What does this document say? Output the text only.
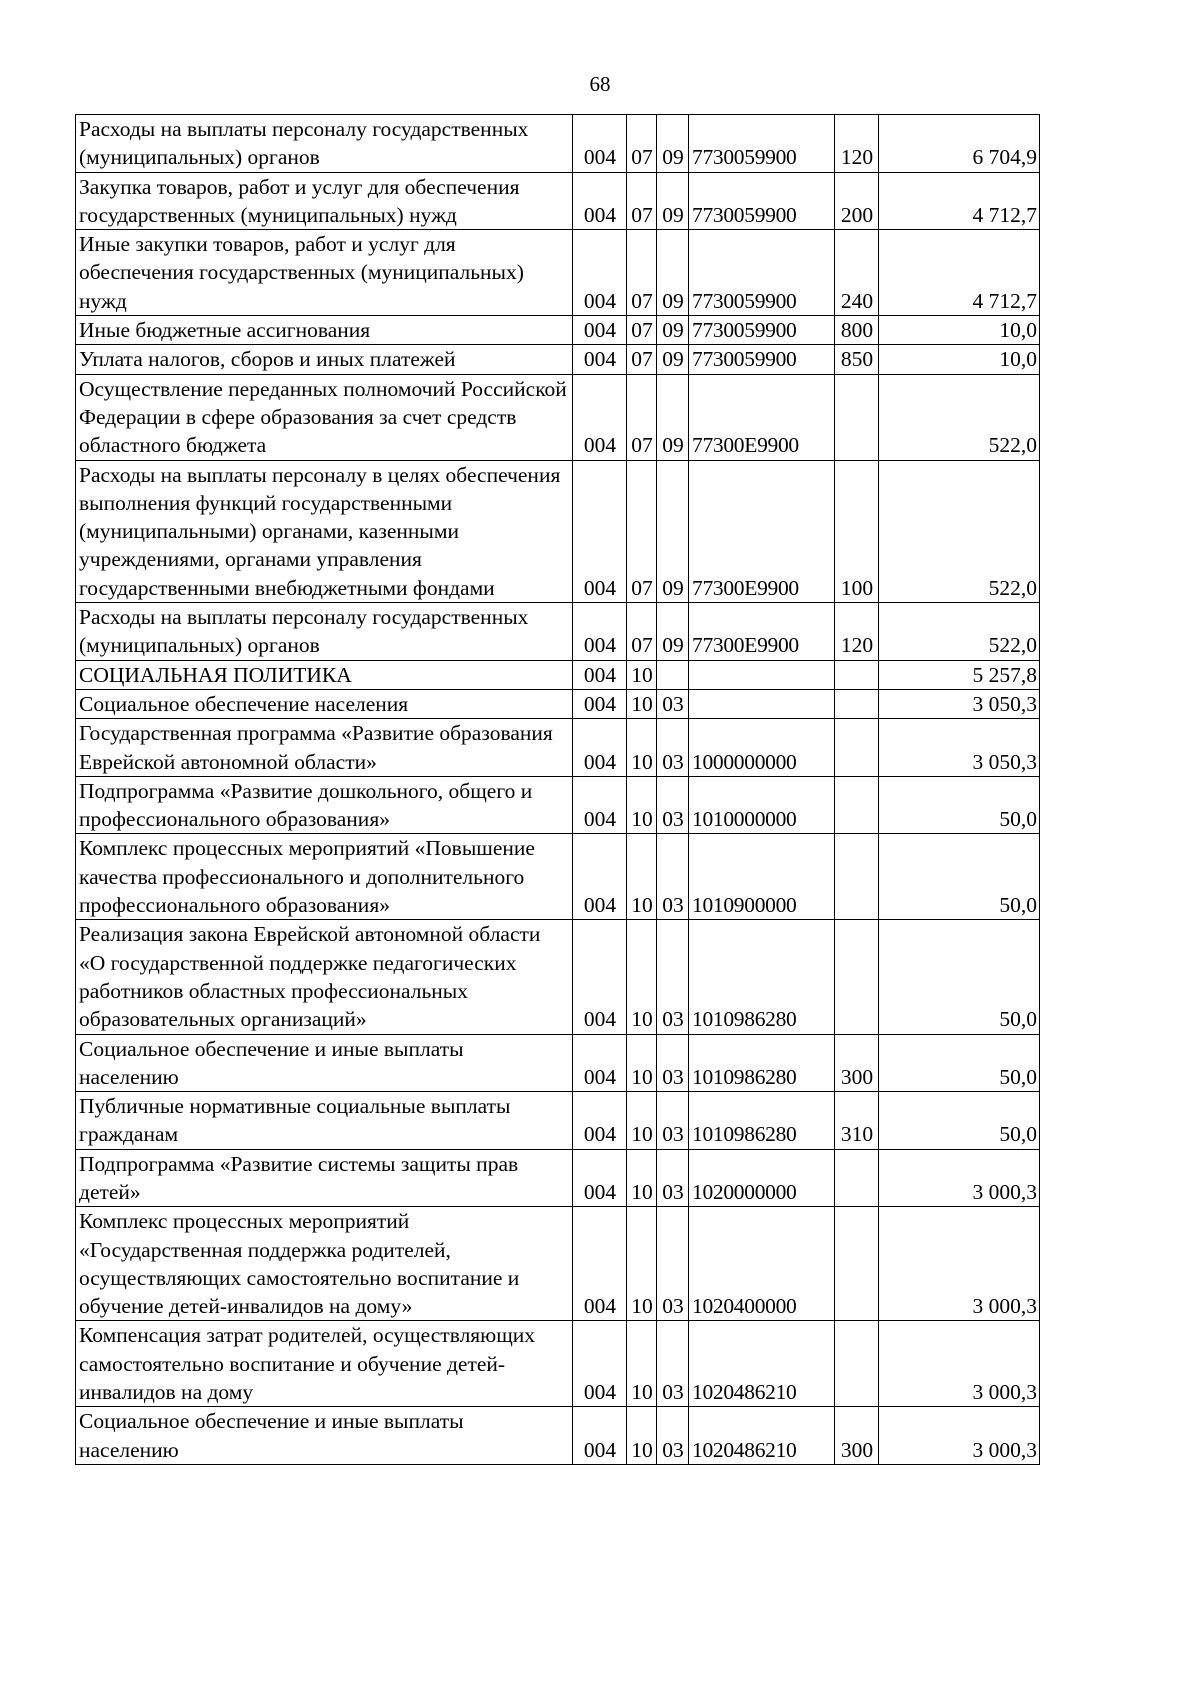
68
Расходы на выплаты персоналу государственных (муниципальных) органов	004	07	09	7730059900	120	6 704,9
Закупка товаров, работ и услуг для обеспечения государственных (муниципальных) нужд	004	07	09	7730059900	200	4 712,7
Иные закупки товаров, работ и услуг для обеспечения государственных (муниципальных) нужд	004	07	09	7730059900	240	4 712,7
Иные бюджетные ассигнования	004	07	09	7730059900	800	10,0
Уплата налогов, сборов и иных платежей	004	07	09	7730059900	850	10,0
Осуществление переданных полномочий Российской Федерации в сфере образования за счет средств областного бюджета	004	07	09	77300Е9900		522,0
Расходы на выплаты персоналу в целях обеспечения выполнения функций государственными (муниципальными) органами, казенными учреждениями, органами управления государственными внебюджетными фондами	004	07	09	77300Е9900	100	522,0
Расходы на выплаты персоналу государственных (муниципальных) органов	004	07	09	77300Е9900	120	522,0
СОЦИАЛЬНАЯ ПОЛИТИКА	004	10				5 257,8
Социальное обеспечение населения	004	10	03			3 050,3
Государственная программа «Развитие образования Еврейской автономной области»	004	10	03	1000000000		3 050,3
Подпрограмма «Развитие дошкольного, общего и профессионального образования»	004	10	03	1010000000		50,0
Комплекс процессных мероприятий «Повышение качества профессионального и дополнительного профессионального образования»	004	10	03	1010900000		50,0
Реализация закона Еврейской автономной области «О государственной поддержке педагогических работников областных профессиональных образовательных организаций»	004	10	03	1010986280		50,0
Социальное обеспечение и иные выплаты населению	004	10	03	1010986280	300	50,0
Публичные нормативные социальные выплаты гражданам	004	10	03	1010986280	310	50,0
Подпрограмма «Развитие системы защиты прав детей»	004	10	03	1020000000		3 000,3
Комплекс процессных мероприятий «Государственная поддержка родителей, осуществляющих самостоятельно воспитание и обучение детей-инвалидов на дому»	004	10	03	1020400000		3 000,3
Компенсация затрат родителей, осуществляющих самостоятельно воспитание и обучение детей-инвалидов на дому	004	10	03	1020486210		3 000,3
Социальное обеспечение и иные выплаты населению	004	10	03	1020486210	300	3 000,3
